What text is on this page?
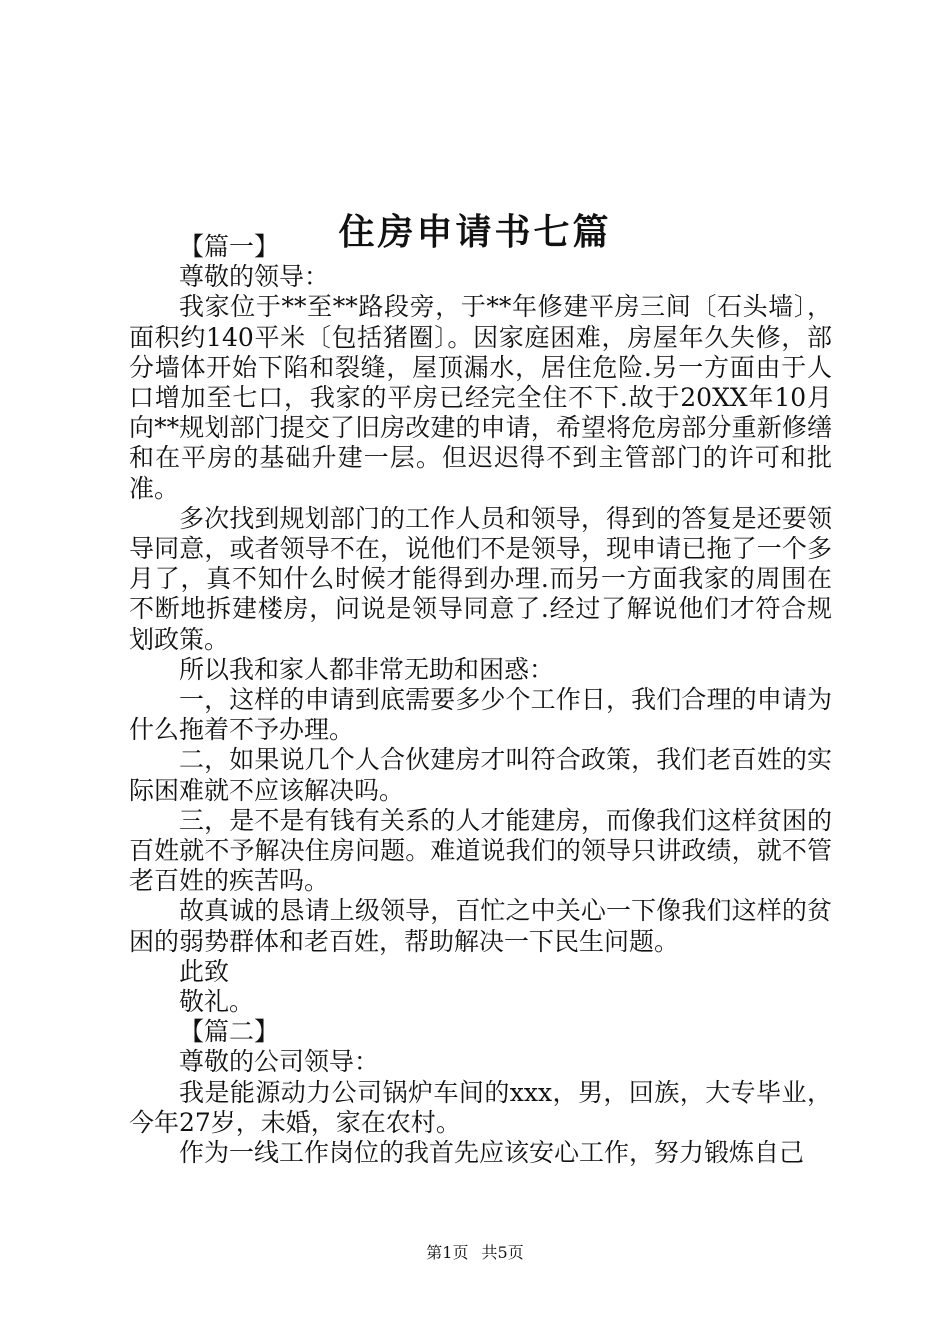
住房申请书七篇

【篇一】

尊敬的领导：

我家位于**至**路段旁，于**年修建平房三间〔石头墙〕，面积约140平米〔包括猪圈〕。因家庭困难，房屋年久失修，部分墙体开始下陷和裂缝，屋顶漏水，居住危险.另一方面由于人口增加至七口，我家的平房已经完全住不下.故于20XX年10月向**规划部门提交了旧房改建的申请，希望将危房部分重新修缮和在平房的基础升建一层。但迟迟得不到主管部门的许可和批准。

多次找到规划部门的工作人员和领导，得到的答复是还要领导同意，或者领导不在，说他们不是领导，现申请已拖了一个多月了，真不知什么时候才能得到办理.而另一方面我家的周围在不断地拆建楼房，问说是领导同意了.经过了解说他们才符合规划政策。

所以我和家人都非常无助和困惑：

一，这样的申请到底需要多少个工作日，我们合理的申请为什么拖着不予办理。

二，如果说几个人合伙建房才叫符合政策，我们老百姓的实际困难就不应该解决吗。

三，是不是有钱有关系的人才能建房，而像我们这样贫困的百姓就不予解决住房问题。难道说我们的领导只讲政绩，就不管老百姓的疾苦吗。

故真诚的恳请上级领导，百忙之中关心一下像我们这样的贫困的弱势群体和老百姓，帮助解决一下民生问题。

此致

敬礼。

【篇二】

尊敬的公司领导：

我是能源动力公司锅炉车间的xxx，男，回族，大专毕业，今年27岁，未婚，家在农村。

作为一线工作岗位的我首先应该安心工作，努力锻炼自己

第1页 共5页
